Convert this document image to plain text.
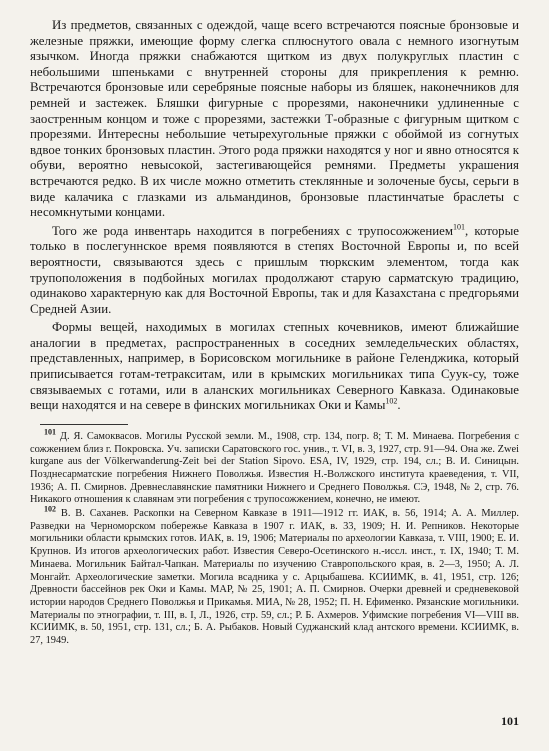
Из предметов, связанных с одеждой, чаще всего встречаются поясные бронзовые и железные пряжки, имеющие форму слегка сплюснутого овала с немного изогнутым язычком. Иногда пряжки снабжаются щитком из двух полукруглых пластин с небольшими шпеньками с внутренней стороны для прикрепления к ремню. Встречаются бронзовые или серебряные поясные наборы из бляшек, наконечников для ремней и застежек. Бляшки фигурные с прорезями, наконечники удлиненные с заостренным концом и тоже с прорезями, застежки Т-образные с фигурным щитком с прорезями. Интересны небольшие четырехугольные пряжки с обоймой из согнутых вдвое тонких бронзовых пластин. Этого рода пряжки находятся у ног и явно относятся к обуви, вероятно невысокой, застегивающейся ремнями. Предметы украшения встречаются редко. В их числе можно отметить стеклянные и золоченые бусы, серьги в виде калачика с глазками из альмандинов, бронзовые пластинчатые браслеты с несомкнутыми концами.

Того же рода инвентарь находится в погребениях с трупосожжением$^{101}$, которые только в послегуннское время появляются в степях Восточной Европы и, по всей вероятности, связываются здесь с пришлым тюркским элементом, тогда как трупоположения в подбойных могилах продолжают старую сарматскую традицию, одинаково характерную как для Восточной Европы, так и для Казахстана с предгорьями Средней Азии.

Формы вещей, находимых в могилах степных кочевников, имеют ближайшие аналогии в предметах, распространенных в соседних земледельческих областях, представленных, например, в Борисовском могильнике в районе Геленджика, который приписывается готам-тетракситам, или в крымских могильниках типа Суук-су, тоже связываемых с готами, или в аланских могильниках Северного Кавказа. Одинаковые вещи находятся и на севере в финских могильниках Оки и Камы$^{102}$.

$^{101}$ Д. Я. Самоквасов. Могилы Русской земли. М., 1908, стр. 134, погр. 8; Т. М. Минаева. Погребения с сожжением близ г. Покровска. Уч. записки Саратовского гос. унив., т. VI, в. 3, 1927, стр. 91—94. Она же. Zwei kurgane aus der Völkerwanderung-Zeit bei der Station Sipovo. ESA, IV, 1929, стр. 194, сл.; В. И. Синицын. Позднесарматские погребения Нижнего Поволжья. Известия Н.-Волжского института краеведения, т. VII, 1936; А. П. Смирнов. Древнеславянские памятники Нижнего и Среднего Поволжья. СЭ, 1948, № 2, стр. 76. Никакого отношения к славянам эти погребения с трупосожжением, конечно, не имеют.

$^{102}$ В. В. Саханев. Раскопки на Северном Кавказе в 1911—1912 гг. ИАК, в. 56, 1914; А. А. Миллер. Разведки на Черноморском побережье Кавказа в 1907 г. ИАК, в. 33, 1909; Н. И. Репников. Некоторые могильники области крымских готов. ИАК, в. 19, 1906; Материалы по археологии Кавказа, т. VIII, 1900; Е. И. Крупнов. Из итогов археологических работ. Известия Северо-Осетинского н.-иссл. инст., т. IX, 1940; Т. М. Минаева. Могильник Байтал-Чапкан. Материалы по изучению Ставропольского края, в. 2—3, 1950; А. Л. Монгайт. Археологические заметки. Могила всадника у с. Арцыбашева. КСИИМК, в. 41, 1951, стр. 126; Древности бассейнов рек Оки и Камы. МАР, № 25, 1901; А. П. Смирнов. Очерки древней и средневековой истории народов Среднего Поволжья и Прикамья. МИА, № 28, 1952; П. Н. Ефименко. Рязанские могильники. Материалы по этнографии, т. III, в. I, Л., 1926, стр. 59, сл.; Р. Б. Ахмеров. Уфимские погребения VI—VIII вв. КСИИМК, в. 50, 1951, стр. 131, сл.; Б. А. Рыбаков. Новый Суджанский клад антского времени. КСИИМК, в. 27, 1949.

101
